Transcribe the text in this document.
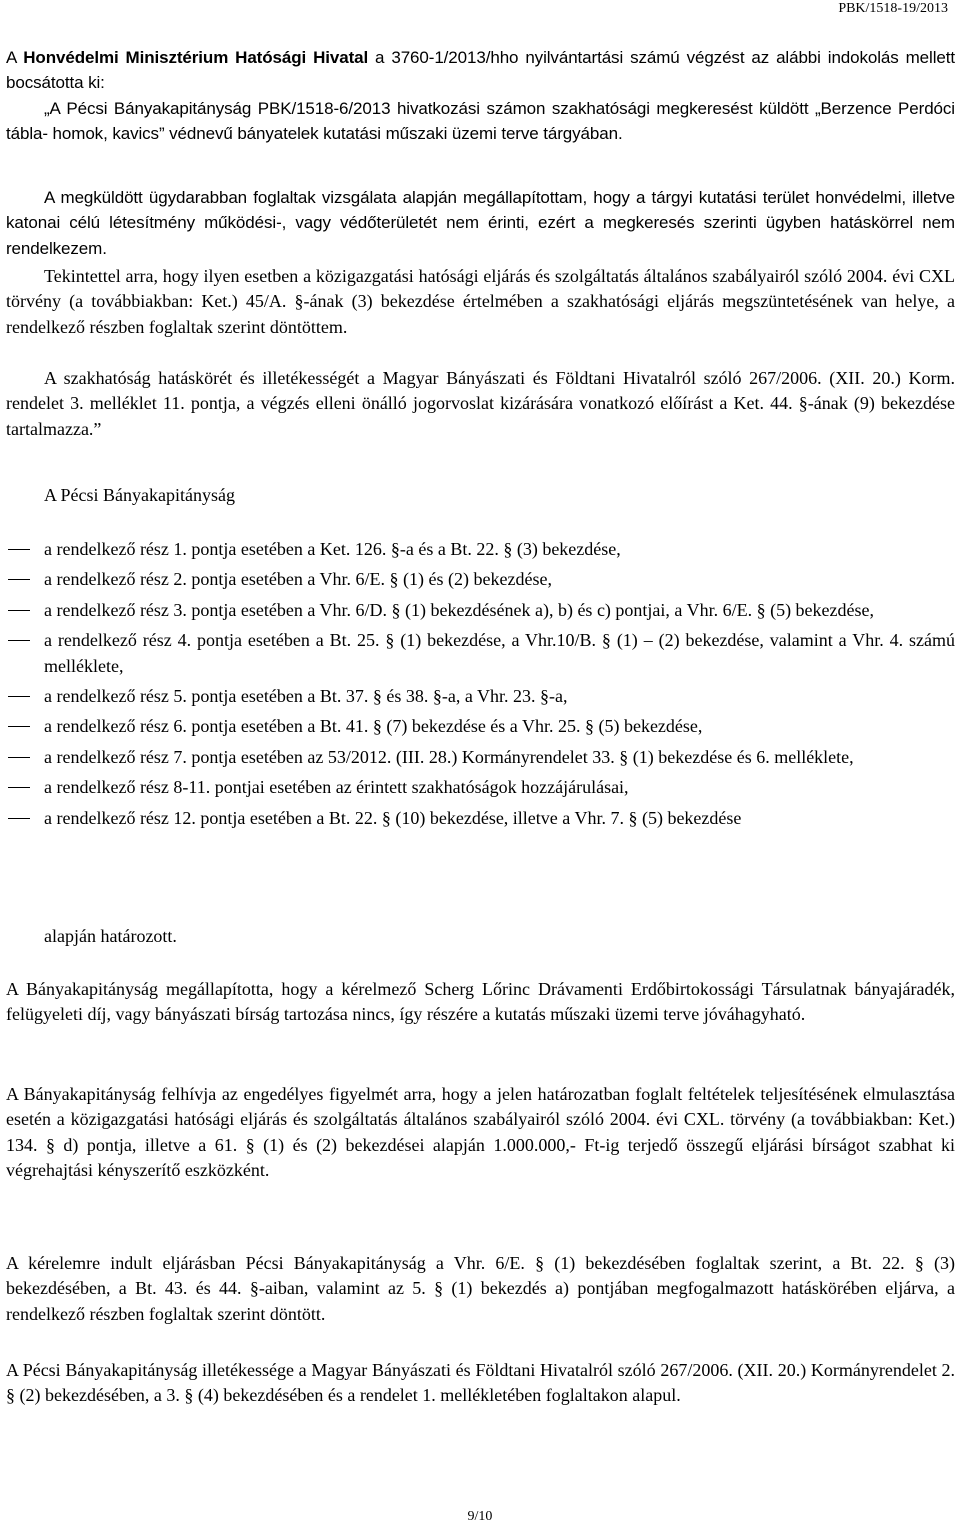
PBK/1518-19/2013

A Honvédelmi Minisztérium Hatósági Hivatal a 3760-1/2013/hho nyilvántartási számú végzést az alábbi indokolás mellett bocsátotta ki:

„A Pécsi Bányakapitányság PBK/1518-6/2013 hivatkozási számon szakhatósági megkeresést küldött „Berzence Perdóci tábla- homok, kavics” védnevű bányatelek kutatási műszaki üzemi terve tárgyában.

A megküldött ügydarabban foglaltak vizsgálata alapján megállapítottam, hogy a tárgyi kutatási terület honvédelmi, illetve katonai célú létesítmény működési-, vagy védőterületét nem érinti, ezért a megkeresés szerinti ügyben hatáskörrel nem rendelkezem.

Tekintettel arra, hogy ilyen esetben a közigazgatási hatósági eljárás és szolgáltatás általános szabályairól szóló 2004. évi CXL törvény (a továbbiakban: Ket.) 45/A. §-ának (3) bekezdése értelmében a szakhatósági eljárás megszüntetésének van helye, a rendelkező részben foglaltak szerint döntöttem.

A szakhatóság hatáskörét és illetékességét a Magyar Bányászati és Földtani Hivatalról szóló 267/2006. (XII. 20.) Korm. rendelet 3. melléklet 11. pontja, a végzés elleni önálló jogorvoslat kizárására vonatkozó előírást a Ket. 44. §-ának (9) bekezdése tartalmazza.”

A Pécsi Bányakapitányság

a rendelkező rész 1. pontja esetében a Ket. 126. §-a és a Bt. 22. § (3) bekezdése,
a rendelkező rész 2. pontja esetében a Vhr. 6/E. § (1) és (2) bekezdése,
a rendelkező rész 3. pontja esetében a Vhr. 6/D. § (1) bekezdésének a), b) és c) pontjai, a Vhr. 6/E. § (5) bekezdése,
a rendelkező rész 4. pontja esetében a Bt. 25. § (1) bekezdése, a Vhr.10/B. § (1) – (2) bekezdése, valamint a Vhr. 4. számú melléklete,
a rendelkező rész 5. pontja esetében a Bt. 37. § és 38. §-a, a Vhr. 23. §-a,
a rendelkező rész 6. pontja esetében a Bt. 41. § (7) bekezdése és a Vhr. 25. § (5) bekezdése,
a rendelkező rész 7. pontja esetében az 53/2012. (III. 28.) Kormányrendelet 33. § (1) bekezdése és 6. melléklete,
a rendelkező rész 8-11. pontjai esetében az érintett szakhatóságok hozzájárulásai,
a rendelkező rész 12. pontja esetében a Bt. 22. § (10) bekezdése, illetve a Vhr. 7. § (5) bekezdése

alapján határozott.

A Bányakapitányság megállapította, hogy a kérelmező Scherg Lőrinc Drávamenti Erdőbirtokossági Társulatnak bányajáradék, felügyeleti díj, vagy bányászati bírság tartozása nincs, így részére a kutatás műszaki üzemi terve jóváhagyható.

A Bányakapitányság felhívja az engedélyes figyelmét arra, hogy a jelen határozatban foglalt feltételek teljesítésének elmulasztása esetén a közigazgatási hatósági eljárás és szolgáltatás általános szabályairól szóló 2004. évi CXL. törvény (a továbbiakban: Ket.) 134. § d) pontja, illetve a 61. § (1) és (2) bekezdései alapján 1.000.000,- Ft-ig terjedő összegű eljárási bírságot szabhat ki végrehajtási kényszerítő eszközként.

A kérelemre indult eljárásban Pécsi Bányakapitányság a Vhr. 6/E. § (1) bekezdésében foglaltak szerint, a Bt. 22. § (3) bekezdésében, a Bt. 43. és 44. §-aiban, valamint az 5. § (1) bekezdés a) pontjában megfogalmazott hatáskörében eljárva, a rendelkező részben foglaltak szerint döntött.

A Pécsi Bányakapitányság illetékessége a Magyar Bányászati és Földtani Hivatalról szóló 267/2006. (XII. 20.) Kormányrendelet 2. § (2) bekezdésében, a 3. § (4) bekezdésében és a rendelet 1. mellékletében foglaltakon alapul.

9/10
